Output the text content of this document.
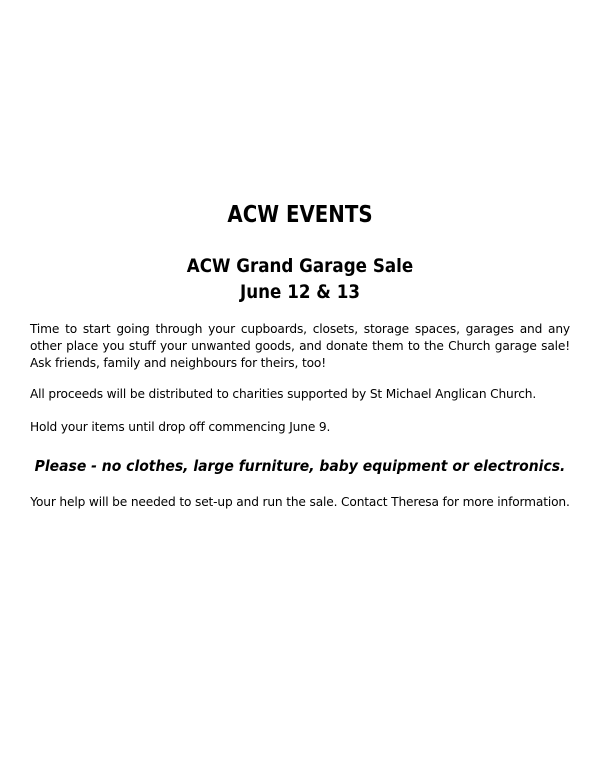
ACW EVENTS
ACW Grand Garage Sale
June 12 & 13

Time to start going through your cupboards, closets, storage spaces, garages and any other place you stuff your unwanted goods, and donate them to the Church garage sale! Ask friends, family and neighbours for theirs, too!

All proceeds will be distributed to charities supported by St Michael Anglican Church.

Hold your items until drop off commencing June 9.

Please - no clothes, large furniture, baby equipment or electronics.

Your help will be needed to set-up and run the sale. Contact Theresa for more information.
